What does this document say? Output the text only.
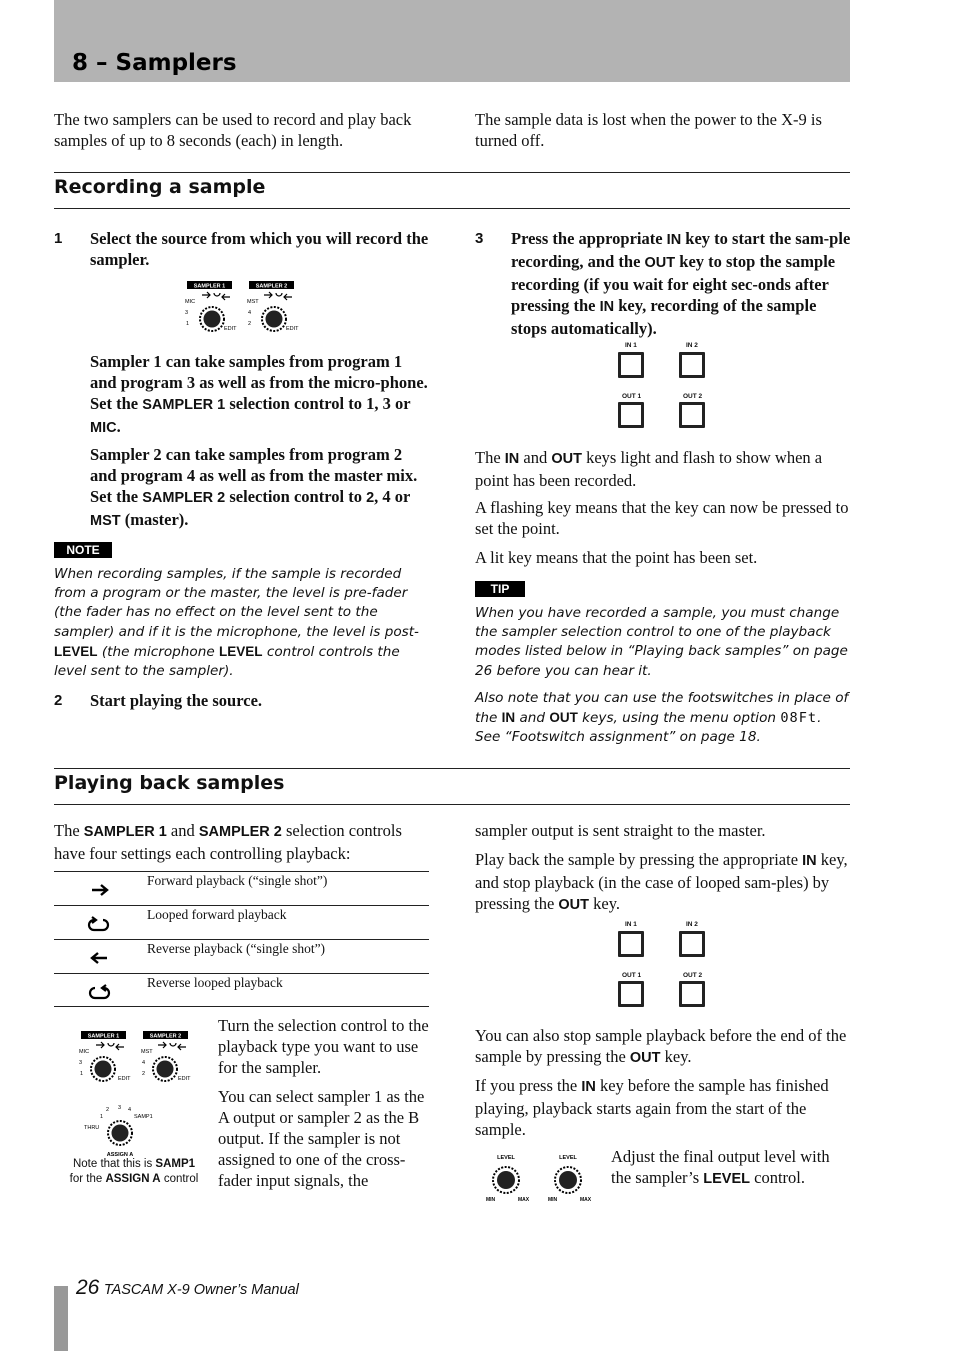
8 – Samplers
The two samplers can be used to record and play back samples of up to 8 seconds (each) in length.
The sample data is lost when the power to the X-9 is turned off.
Recording a sample
1 Select the source from which you will record the sampler.
SAMPLER 1	SAMPLER 2
MIC
3
1
EDIT
MST
4
2
EDIT
Sampler 1 can take samples from program 1 and program 3 as well as from the micro-phone. Set the SAMPLER 1 selection control to 1, 3 or MIC.
Sampler 2 can take samples from program 2 and program 4 as well as from the master mix. Set the SAMPLER 2 selection control to 2, 4 or MST (master).
NOTE
When recording samples, if the sample is recorded from a program or the master, the level is pre-fader (the fader has no effect on the level sent to the sampler) and if it is the microphone, the level is post-LEVEL (the microphone LEVEL control controls the level sent to the sampler).
2 Start playing the source.
3 Press the appropriate IN key to start the sam-ple recording, and the OUT key to stop the sample recording (if you wait for eight sec-onds after pressing the IN key, recording of the sample stops automatically).
IN 1	IN 2
OUT 1	OUT 2
The IN and OUT keys light and flash to show when a point has been recorded.
A flashing key means that the key can now be pressed to set the point.
A lit key means that the point has been set.
TIP
When you have recorded a sample, you must change the sampler selection control to one of the playback modes listed below in “Playing back samples” on page 26 before you can hear it.
Also note that you can use the footswitches in place of the IN and OUT keys, using the menu option 08Ft. See “Footswitch assignment” on page 18.
Playing back samples
The SAMPLER 1 and SAMPLER 2 selection controls have four settings each controlling playback:
Forward playback (“single shot”)
Looped forward playback
Reverse playback (“single shot”)
Reverse looped playback
SAMPLER 1	SAMPLER 2
MIC
3
1
EDIT
MST
4
2
EDIT
2 3 4
1	SAMP1
THRU
ASSIGN A
Note that this is SAMP1
for the ASSIGN A control
Turn the selection control to the playback type you want to use for the sampler.
You can select sampler 1 as the A output or sampler 2 as the B output. If the sampler is not assigned to one of the cross-fader input signals, the
sampler output is sent straight to the master.
Play back the sample by pressing the appropriate IN key, and stop playback (in the case of looped sam-ples) by pressing the OUT key.
IN 1	IN 2
OUT 1	OUT 2
You can also stop sample playback before the end of the sample by pressing the OUT key.
If you press the IN key before the sample has finished playing, playback starts again from the start of the sample.
LEVEL
MIN	MAX
LEVEL
MIN	MAX
Adjust the final output level with the sampler’s LEVEL control.
26 TASCAM X-9 Owner’s Manual
